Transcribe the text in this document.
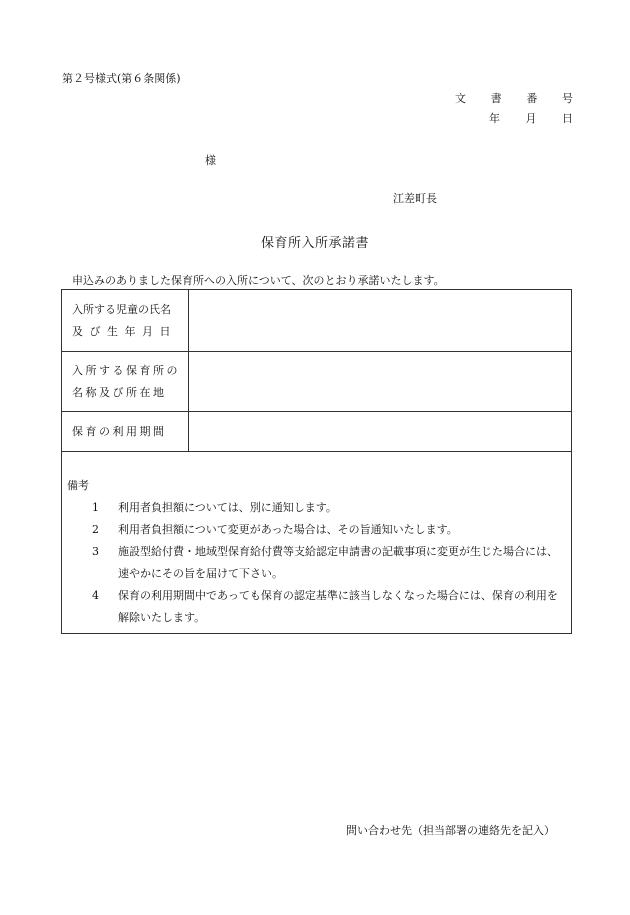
第２号様式(第６条関係)
文 書 番 号
年 月 日
様
江差町長
保育所入所承諾書
申込みのありました保育所への入所について、次のとおり承諾いたします。
入所する児童の氏名
及び生年月日
入所する保育所の
名称及び所在地
保育の利用期間
備考
1	利用者負担額については、別に通知します。
2	利用者負担額について変更があった場合は、その旨通知いたします。
3	施設型給付費・地域型保育給付費等支給認定申請書の記載事項に変更が生じた場合には、速やかにその旨を届けて下さい。
4	保育の利用期間中であっても保育の認定基準に該当しなくなった場合には、保育の利用を解除いたします。
問い合わせ先（担当部署の連絡先を記入）
